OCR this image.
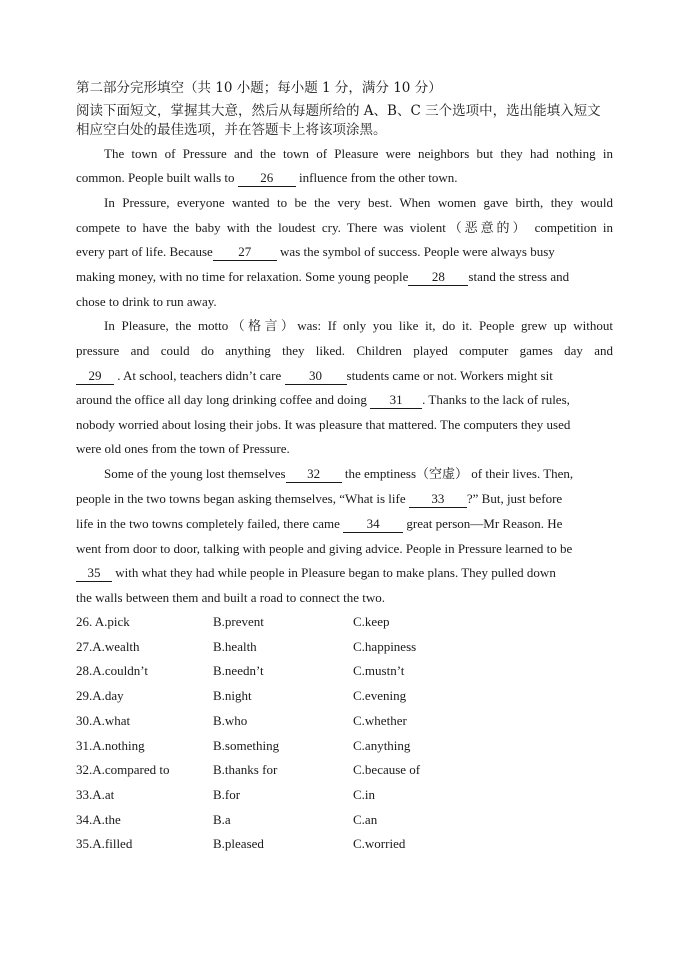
第二部分完形填空（共 10 小题；每小题 1 分，满分 10 分）
阅读下面短文，掌握其大意，然后从每题所给的 A、B、C 三个选项中，选出能填入短文
相应空白处的最佳选项，并在答题卡上将该项涂黑。
The town of Pressure and the town of Pleasure were neighbors but they had nothing in
common. People built walls to 26 influence from the other town.
In Pressure, everyone wanted to be the very best. When women gave birth, they would
compete to have the baby with the loudest cry. There was violent（恶意的） competition in
every part of life. Because 27 was the symbol of success. People were always busy
making money, with no time for relaxation. Some young people 28 stand the stress and
chose to drink to run away.
In Pleasure, the motto（格言）was: If only you like it, do it. People grew up without
pressure and could do anything they liked. Children played computer games day and
29 . At school, teachers didn’t care 30 students came or not. Workers might sit
around the office all day long drinking coffee and doing 31 . Thanks to the lack of rules,
nobody worried about losing their jobs. It was pleasure that mattered. The computers they used
were old ones from the town of Pressure.
Some of the young lost themselves 32 the emptiness（空虚） of their lives. Then,
people in the two towns began asking themselves, “What is life 33 ?” But, just before
life in the two towns completely failed, there came 34 great person—Mr Reason. He
went from door to door, talking with people and giving advice. People in Pressure learned to be
35 with what they had while people in Pleasure began to make plans. They pulled down
the walls between them and built a road to connect the two.
26. A.pick	B.prevent	C.keep
27.A.wealth	B.health	C.happiness
28.A.couldn’t	B.needn’t	C.mustn’t
29.A.day	B.night	C.evening
30.A.what	B.who	C.whether
31.A.nothing	B.something	C.anything
32.A.compared to	B.thanks for	C.because of
33.A.at	B.for	C.in
34.A.the	B.a	C.an
35.A.filled	B.pleased	C.worried
